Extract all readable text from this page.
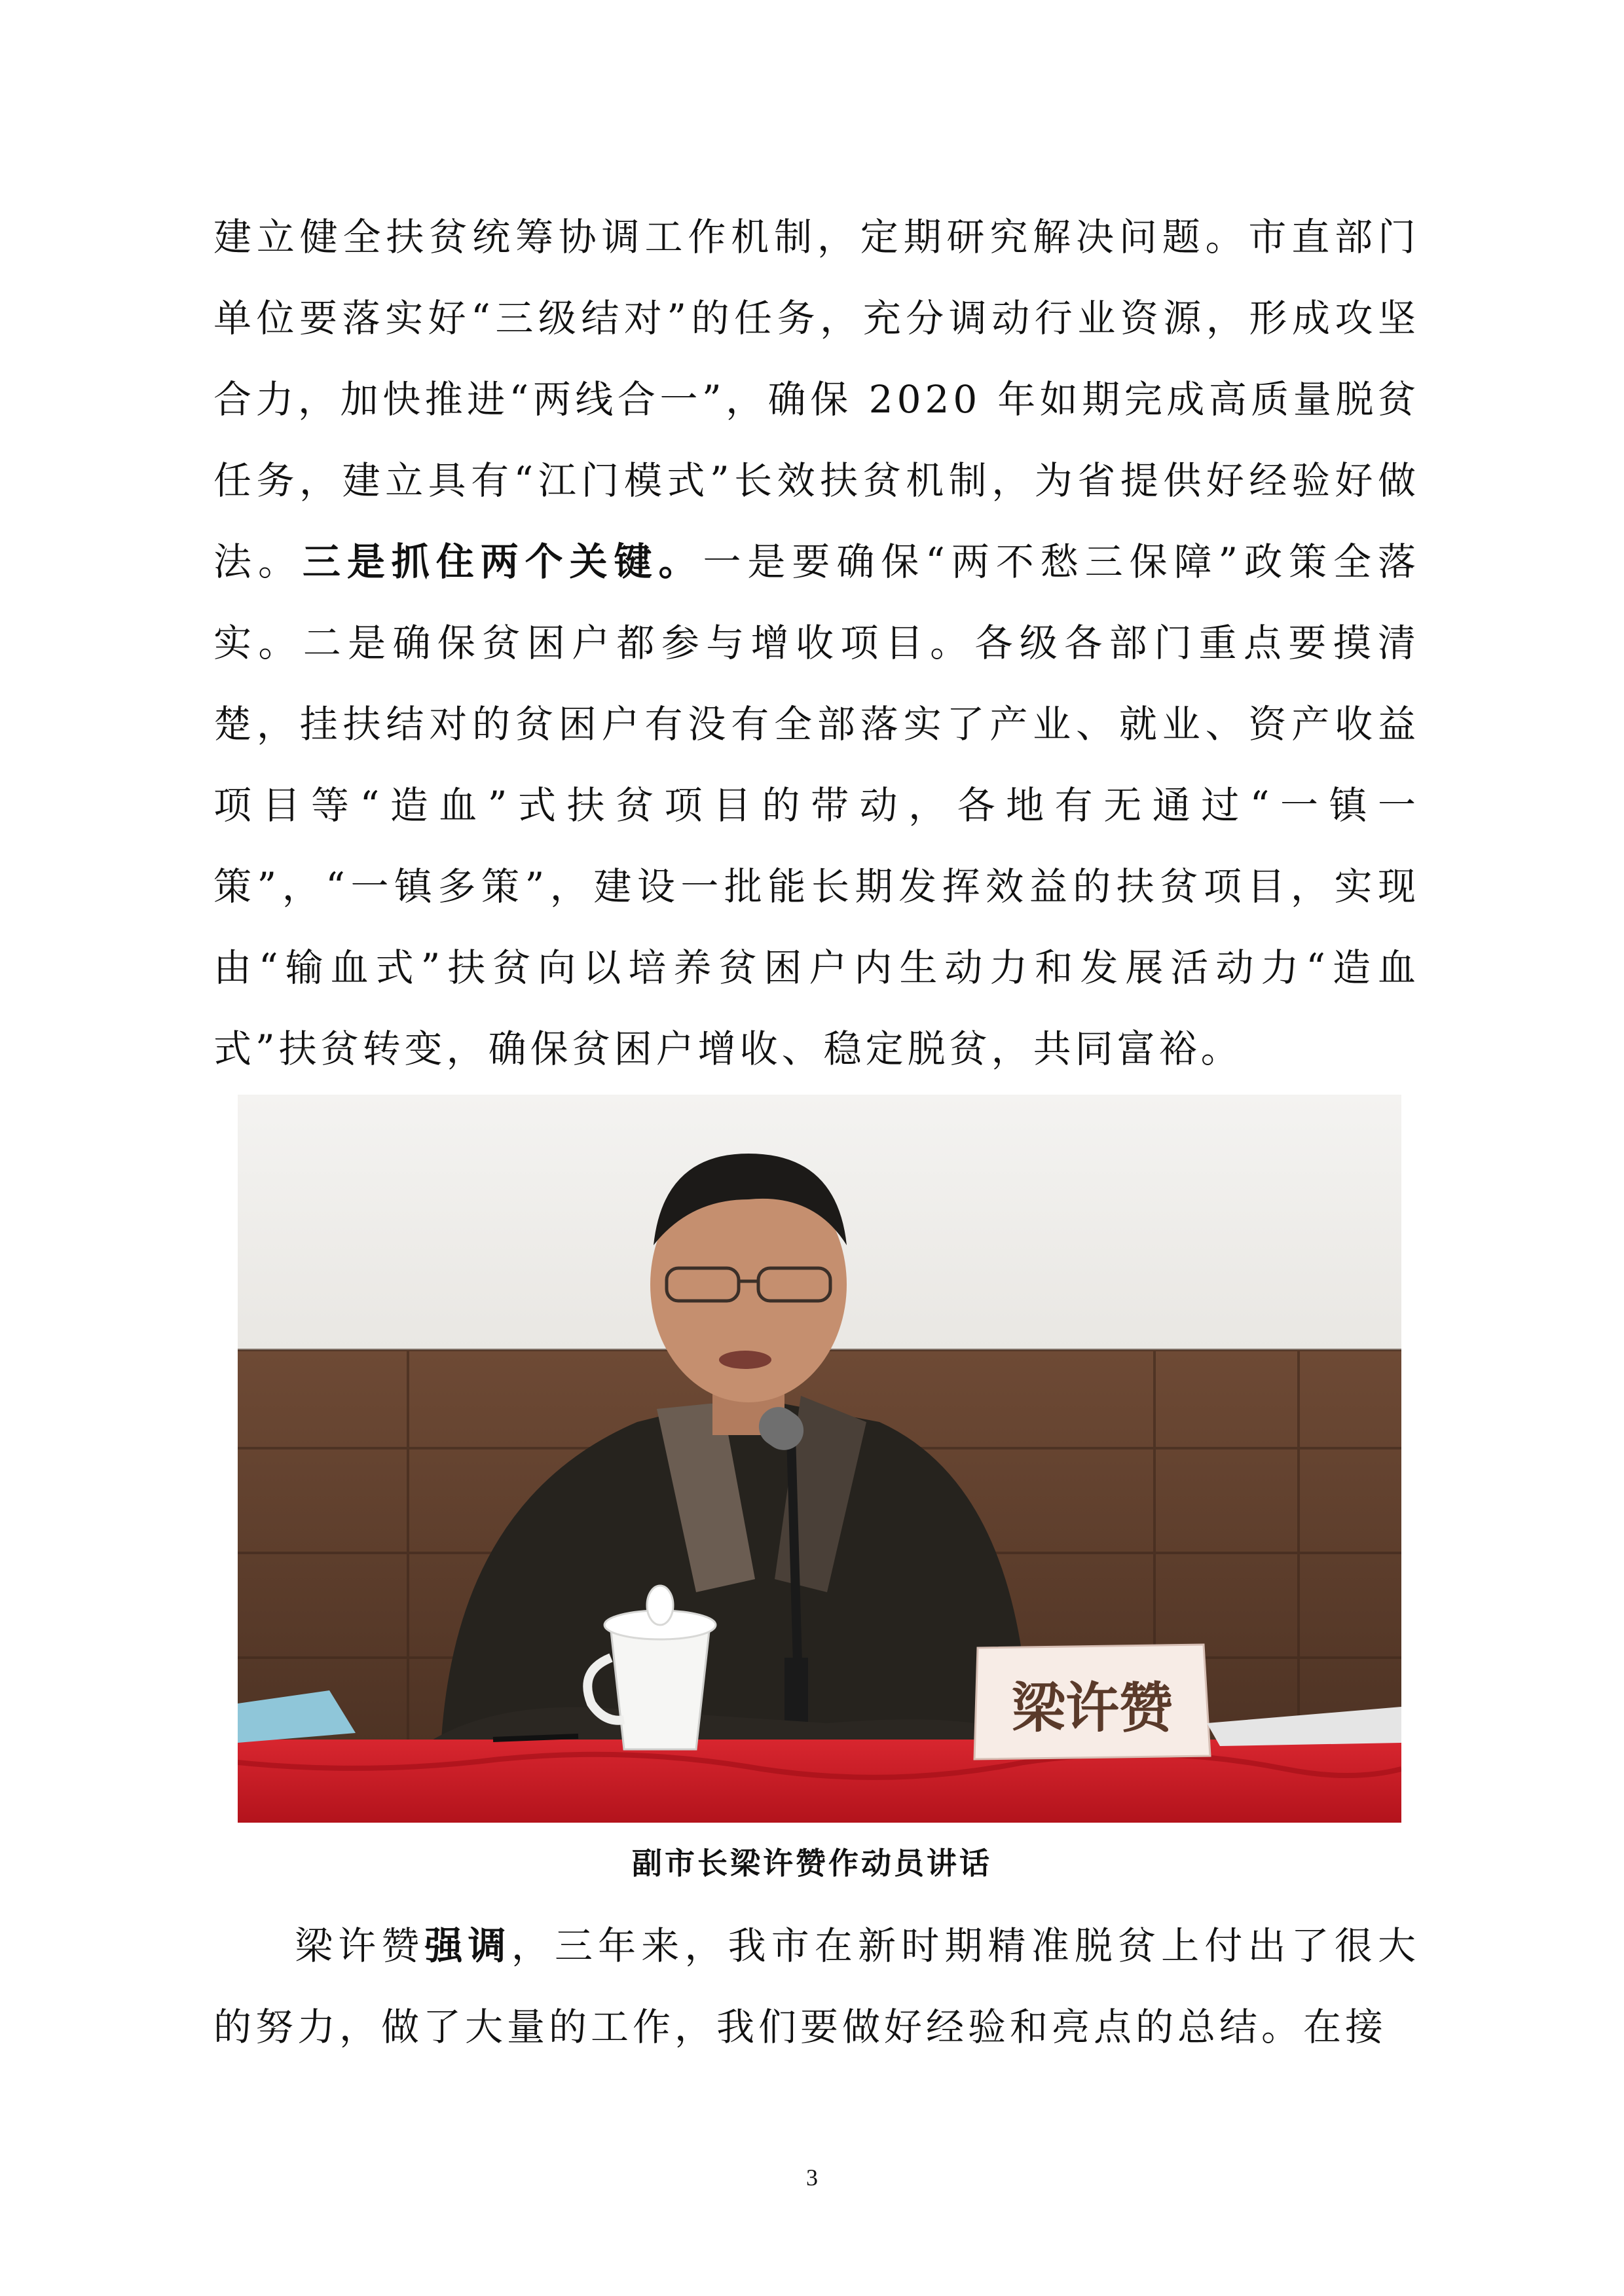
建立健全扶贫统筹协调工作机制，定期研究解决问题。市直部门单位要落实好“三级结对”的任务，充分调动行业资源，形成攻坚合力，加快推进“两线合一”，确保 2020 年如期完成高质量脱贫任务，建立具有“江门模式”长效扶贫机制，为省提供好经验好做法。三是抓住两个关键。一是要确保“两不愁三保障”政策全落实。二是确保贫困户都参与增收项目。各级各部门重点要摸清楚，挂扶结对的贫困户有没有全部落实了产业、就业、资产收益项目等“造血”式扶贫项目的带动，各地有无通过“一镇一策”，“一镇多策”，建设一批能长期发挥效益的扶贫项目，实现由“输血式”扶贫向以培养贫困户内生动力和发展活动力“造血式”扶贫转变，确保贫困户增收、稳定脱贫，共同富裕。

梁许赞

副市长梁许赞作动员讲话

梁许赞强调，三年来，我市在新时期精准脱贫上付出了很大的努力，做了大量的工作，我们要做好经验和亮点的总结。在接

3
